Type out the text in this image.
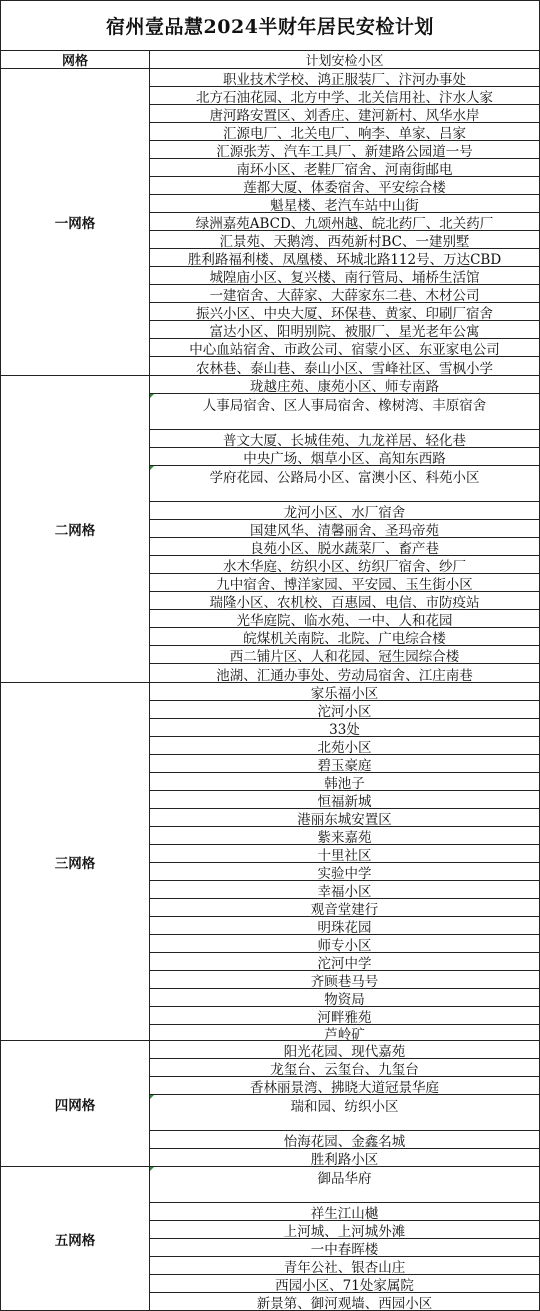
宿州壹品慧2024半财年居民安检计划
网格	计划安检小区
一网格
职业技术学校、鸿正服装厂、汴河办事处
北方石油花园、北方中学、北关信用社、汴水人家
唐河路安置区、刘香庄、建河新村、风华水岸
汇源电厂、北关电厂、响李、单家、吕家
汇源张芳、汽车工具厂、新建路公园道一号
南环小区、老鞋厂宿舍、河南街邮电
莲都大厦、体委宿舍、平安综合楼
魁星楼、老汽车站中山街
绿洲嘉苑ABCD、九颂州越、皖北药厂、北关药厂
汇景苑、天鹅湾、西苑新村BC、一建别墅
胜利路福利楼、凤凰楼、环城北路112号、万达CBD
城隍庙小区、复兴楼、南行管局、埇桥生活馆
一建宿舍、大薛家、大薛家东二巷、木材公司
振兴小区、中央大厦、环保巷、黄家、印刷厂宿舍
富达小区、阳明别院、被服厂、星光老年公寓
中心血站宿舍、市政公司、宿蒙小区、东亚家电公司
农林巷、泰山巷、泰山小区、雪峰社区、雪枫小学
二网格
珑越庄苑、康苑小区、师专南路
人事局宿舍、区人事局宿舍、橡树湾、丰原宿舍
普文大厦、长城佳苑、九龙祥居、轻化巷
中央广场、烟草小区、高知东西路
学府花园、公路局小区、富澳小区、科苑小区
龙河小区、水厂宿舍
国建风华、清馨丽舍、圣玛帝苑
良苑小区、脱水蔬菜厂、畜产巷
水木华庭、纺织小区、纺织厂宿舍、纱厂
九中宿舍、博洋家园、平安园、玉生街小区
瑞隆小区、农机校、百惠园、电信、市防疫站
光华庭院、临水苑、一中、人和花园
皖煤机关南院、北院、广电综合楼
西二铺片区、人和花园、冠生园综合楼
池湖、汇通办事处、劳动局宿舍、江庄南巷
三网格
家乐福小区
沱河小区
33处
北苑小区
碧玉豪庭
韩池子
恒福新城
港丽东城安置区
紫来嘉苑
十里社区
实验中学
幸福小区
观音堂建行
明珠花园
师专小区
沱河中学
齐顾巷马号
物资局
河畔雅苑
芦岭矿
四网格
阳光花园、现代嘉苑
龙玺台、云玺台、九玺台
香林丽景湾、拂晓大道冠景华庭
瑞和园、纺织小区
怡海花园、金鑫名城
胜利路小区
五网格
御品华府
祥生江山樾
上河城、上河城外滩
一中春晖楼
青年公社、银杏山庄
西园小区、71处家属院
新景第、御河观墙、西园小区
